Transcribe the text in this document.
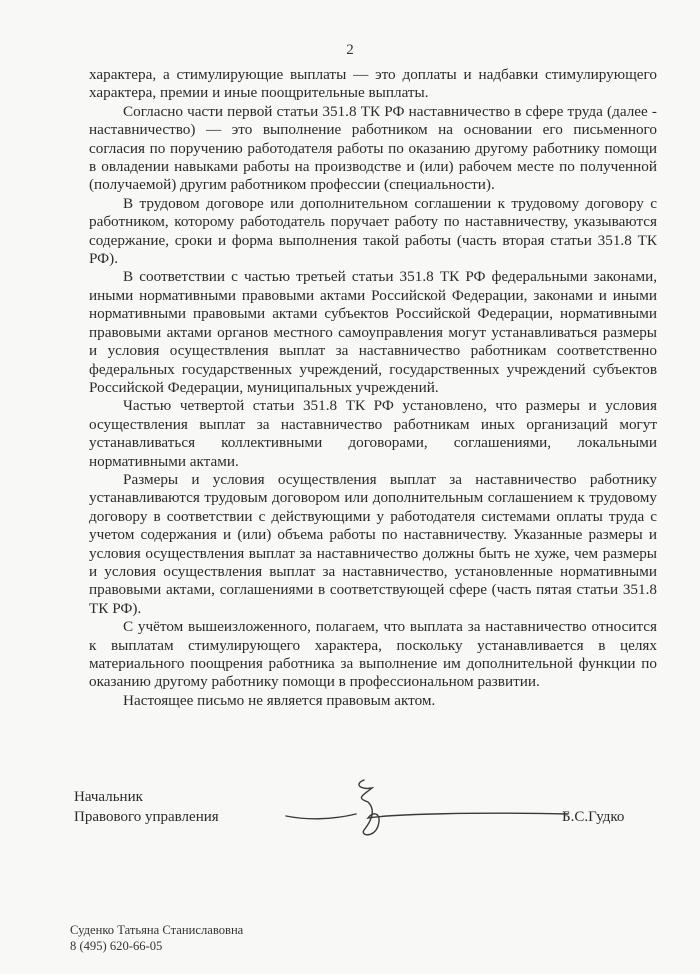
2

характера, а стимулирующие выплаты — это доплаты и надбавки стимулирующего характера, премии и иные поощрительные выплаты.

Согласно части первой статьи 351.8 ТК РФ наставничество в сфере труда (далее - наставничество) — это выполнение работником на основании его письменного согласия по поручению работодателя работы по оказанию другому работнику помощи в овладении навыками работы на производстве и (или) рабочем месте по полученной (получаемой) другим работником профессии (специальности).

В трудовом договоре или дополнительном соглашении к трудовому договору с работником, которому работодатель поручает работу по наставничеству, указываются содержание, сроки и форма выполнения такой работы (часть вторая статьи 351.8 ТК РФ).

В соответствии с частью третьей статьи 351.8 ТК РФ федеральными законами, иными нормативными правовыми актами Российской Федерации, законами и иными нормативными правовыми актами субъектов Российской Федерации, нормативными правовыми актами органов местного самоуправления могут устанавливаться размеры и условия осуществления выплат за наставничество работникам соответственно федеральных государственных учреждений, государственных учреждений субъектов Российской Федерации, муниципальных учреждений.

Частью четвертой статьи 351.8 ТК РФ установлено, что размеры и условия осуществления выплат за наставничество работникам иных организаций могут устанавливаться коллективными договорами, соглашениями, локальными нормативными актами.

Размеры и условия осуществления выплат за наставничество работнику устанавливаются трудовым договором или дополнительным соглашением к трудовому договору в соответствии с действующими у работодателя системами оплаты труда с учетом содержания и (или) объема работы по наставничеству. Указанные размеры и условия осуществления выплат за наставничество должны быть не хуже, чем размеры и условия осуществления выплат за наставничество, установленные нормативными правовыми актами, соглашениями в соответствующей сфере (часть пятая статьи 351.8 ТК РФ).

С учётом вышеизложенного, полагаем, что выплата за наставничество относится к выплатам стимулирующего характера, поскольку устанавливается в целях материального поощрения работника за выполнение им дополнительной функции по оказанию другому работнику помощи в профессиональном развитии.

Настоящее письмо не является правовым актом.

Начальник
Правового управления	Б.С.Гудко
Суденко Татьяна Станиславовна
8 (495) 620-66-05
